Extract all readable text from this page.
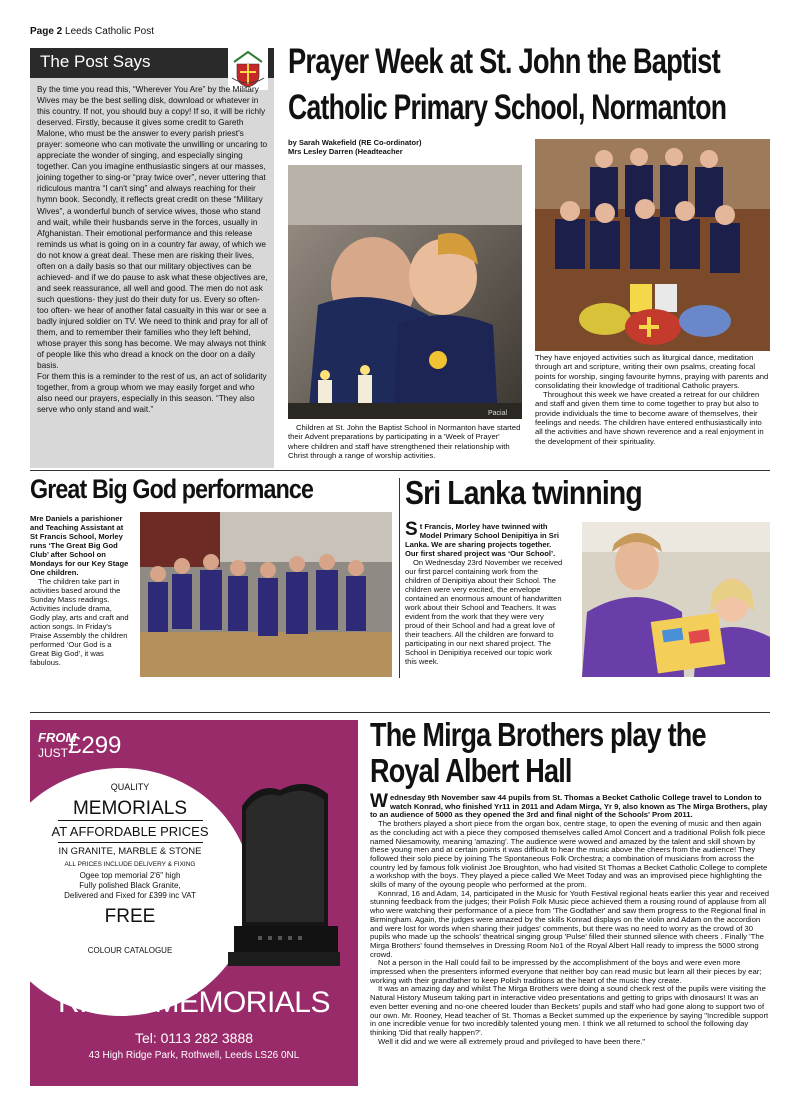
Page 2 Leeds Catholic Post
The Post Says

By the time you read this, “Wherever You Are” by the Military Wives may be the best selling disk, download or whatever in this country. If not, you should buy a copy! If so, it will be richly deserved. Firstly, because it gives some credit to Gareth Malone, who must be the answer to every parish priest's prayer: someone who can motivate the unwilling or uncaring to appreciate the wonder of singing, and especially singing together. Can you imagine enthusiastic singers at our masses, joining together to sing-or “pray twice over”, never uttering that ridiculous mantra “I can't sing” and always reaching for their hymn book. Secondly, it reflects great credit on these “Military Wives”, a wonderful bunch of service wives, those who stand and wait, while their husbands serve in the forces, usually in Afghanistan. Their emotional performance and this release reminds us what is going on in a country far away, of which we do not know a great deal. These men are risking their lives, often on a daily basis so that our military objectives can be achieved- and if we do pause to ask what these objectives are, and seek reassurance, all well and good. The men do not ask such questions- they just do their duty for us. Every so often- too often- we hear of another fatal casualty in this war or see a badly injured soldier on TV. We need to think and pray for all of them, and to remember their families who they left behind, whose prayer this song has become. We may always not think of people like this who dread a knock on the door on a daily basis.

For them this is a reminder to the rest of us, an act of solidarity together, from a group whom we may easily forget and who also need our prayers, especially in this season. “They also serve who only stand and wait.”

Prayer Week at St. John the Baptist
Catholic Primary School, Normanton
by Sarah Wakefield (RE Co-ordinator)
Mrs Lesley Darren (Headteacher
Pacial
Children at St. John the Baptist School in Normanton have started their Advent preparations by participating in a 'Week of Prayer' where children and staff have strengthened their relationship with Christ through a range of worship activities.
They have enjoyed activities such as liturgical dance, meditation through art and scripture, writing their own psalms, creating focal points for worship, singing favourite hymns, praying with parents and consolidating their knowledge of traditional Catholic prayers.
Throughout this week we have created a retreat for our children and staff and given them time to come together to pray but also to provide individuals the time to become aware of themselves, their feelings and needs. The children have entered enthusiastically into all the activities and have shown reverence and a real enjoyment in the development of their spirituality.
Great Big God performance
Mre Daniels a parishioner and Teaching Assistant at St Francis School, Morley runs ‘The Great Big God Club’ after School on Mondays for our Key Stage One children.
The children take part in activities based around the Sunday Mass readings. Activities include drama, Godly play, arts and craft and action songs. In Friday's Praise Assembly the children performed ‘Our God is a Great Big God’, it was fabulous.
Sri Lanka twinning
S t Francis, Morley have twinned with Model Primary School Denipitiya in Sri Lanka. We are sharing projects together. Our first shared project was ‘Our School’.
On Wednesday 23rd November we received our first parcel containing work from the children of Denipitiya about their School. The children were very excited, the envelope contained an enormous amount of handwritten work about their School and Teachers. It was evident from the work that they were very proud of their School and had a great love of their teachers. All the children are forward to participating in our next shared project. The School in Denipitiya received our topic work this week.
FROM
JUST £299
QUALITY
MEMORIALS
AT AFFORDABLE PRICES
IN GRANITE, MARBLE & STONE
ALL PRICES INCLUDE DELIVERY & FIXING
Ogee top memorial 2'6" high
Fully polished Black Granite,
Delivered and Fixed for £399 inc VAT
FREE
COLOUR CATALOGUE
R.G.R. MEMORIALS
Tel: 0113 282 3888
43 High Ridge Park, Rothwell, Leeds LS26 0NL
The Mirga Brothers play the
Royal Albert Hall

Wednesday 9th November saw 44 pupils from St. Thomas a Becket Catholic College travel to London to watch Konrad, who finished Yr11 in 2011 and Adam Mirga, Yr 9, also known as The Mirga Brothers, play to an audience of 5000 as they opened the 3rd and final night of the Schools' Prom 2011.

The brothers played a short piece from the organ box, centre stage, to open the evening of music and then again as the concluding act with a piece they composed themselves called Amol Concert and a traditional Polish folk piece named Niesamowity, meaning 'amazing'. The audience were wowed and amazed by the talent and skill shown by these young men and at certain points it was difficult to hear the music above the cheers from the audience! They followed their solo piece by joining The Spontaneous Folk Orchestra; a combination of musicians from across the country led by famous folk violinist Joe Broughton, who had visited St Thomas a Becket Catholic College to complete a workshop with the boys. They played a piece called We Meet Today and was an improvised piece highlighting the skills of many of the oyoung people who performed at the prom.

Konnrad, 16 and Adam, 14, participated in the Music for Youth Festival regional heats earlier this year and received stunning feedback from the judges; their Polish Folk Music piece achieved them a rousing round of applause from all who were watching their performance of a piece from 'The Godfather' and saw them progress to the Regional final in Birmingham. Again, the judges were amazed by the skills Konrad displays on the violin and Adam on the accordion and were lost for words when sharing their judges' comments, but there was no need to worry as the crowd of 30 pupils who made up the schools' theatrical singing group 'Pulse' filled their stunned silence with cheers . Finally 'The Mirga Brothers' found themselves in Dressing Room No1 of the Royal Albert Hall ready to impress the 5000 strong crowd.

Not a person in the Hall could fail to be impressed by the accomplishment of the boys and were even more impressed when the presenters informed everyone that neither boy can read music but learn all their pieces by ear; working with their grandfather to keep Polish traditions at the heart of the music they create.

It was an amazing day and whilst The Mirga Brothers were doing a sound check rest of the pupils were visiting the Natural History Museum taking part in interactive video presentations and getting to grips with dinosaurs! It was an even better evening and no-one cheered louder than Beckets' pupils and staff who had gone along to support two of our own. Mr. Rooney, Head teacher of St. Thomas a Becket summed up the experience by saying "Incredible support in one incredible venue for two incredibly talented young men. I think we all returned to school the following day thinking 'Did that really happen?'.

Well it did and we were all extremely proud and privileged to have been there."
